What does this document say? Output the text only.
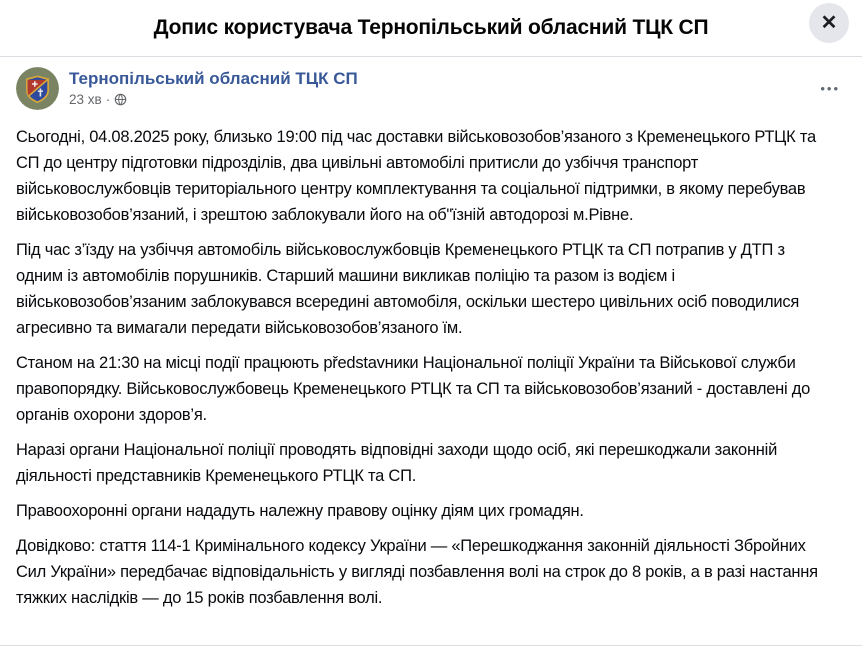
Допис користувача Тернопільський обласний ТЦК СП	✕
Тернопільський обласний ТЦК СП
23 хв ·
•••

Сьогодні, 04.08.2025 року, близько 19:00 під час доставки військовозобов’язаного з Кременецького РТЦК та СП до центру підготовки підрозділів, два цивільні автомобілі притисли до узбіччя транспорт військовослужбовців територіального центру комплектування та соціальної підтримки, в якому перебував військовозобов’язаний, і зрештою заблокували його на об"їзній автодорозі м.Рівне.

Під час з’їзду на узбіччя автомобіль військовослужбовців Кременецького РТЦК та СП потрапив у ДТП з одним із автомобілів порушників. Старший машини викликав поліцію та разом із водієм і військовозобов’язаним заблокувався всередині автомобіля, оскільки шестеро цивільних осіб поводилися агресивно та вимагали передати військовозобов’язаного їм.

Станом на 21:30 на місці події працюють představники Національної поліції України та Військової служби правопорядку. Військовослужбовець Кременецького РТЦК та СП та військовозобов’язаний - доставлені до органів охорони здоров’я.

Наразі органи Національної поліції проводять відповідні заходи щодо осіб, які перешкоджали законній діяльності представників Кременецького РТЦК та СП.

Правоохоронні органи нададуть належну правову оцінку діям цих громадян.

Довідково: стаття 114-1 Кримінального кодексу України — «Перешкоджання законній діяльності Збройних Сил України» передбачає відповідальність у вигляді позбавлення волі на строк до 8 років, а в разі настання тяжких наслідків — до 15 років позбавлення волі.
